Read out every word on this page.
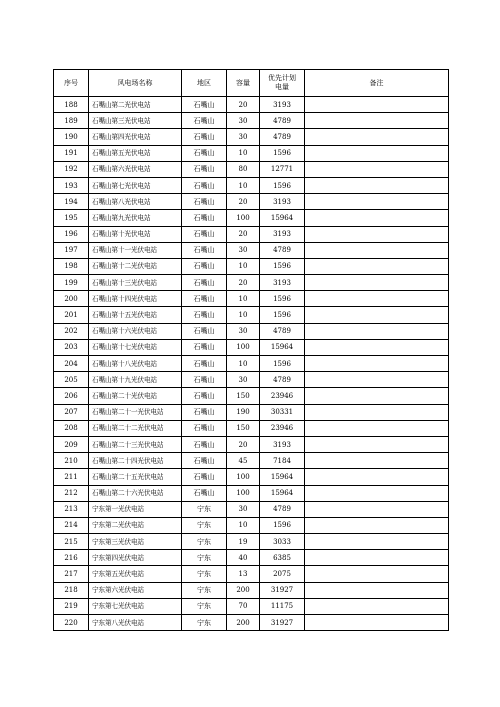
序号	风电场名称	地区	容量	优先计划
电量	备注
188	石嘴山第二光伏电站	石嘴山	20	3193	
189	石嘴山第三光伏电站	石嘴山	30	4789	
190	石嘴山第四光伏电站	石嘴山	30	4789	
191	石嘴山第五光伏电站	石嘴山	10	1596	
192	石嘴山第六光伏电站	石嘴山	80	12771	
193	石嘴山第七光伏电站	石嘴山	10	1596	
194	石嘴山第八光伏电站	石嘴山	20	3193	
195	石嘴山第九光伏电站	石嘴山	100	15964	
196	石嘴山第十光伏电站	石嘴山	20	3193	
197	石嘴山第十一光伏电站	石嘴山	30	4789	
198	石嘴山第十二光伏电站	石嘴山	10	1596	
199	石嘴山第十三光伏电站	石嘴山	20	3193	
200	石嘴山第十四光伏电站	石嘴山	10	1596	
201	石嘴山第十五光伏电站	石嘴山	10	1596	
202	石嘴山第十六光伏电站	石嘴山	30	4789	
203	石嘴山第十七光伏电站	石嘴山	100	15964	
204	石嘴山第十八光伏电站	石嘴山	10	1596	
205	石嘴山第十九光伏电站	石嘴山	30	4789	
206	石嘴山第二十光伏电站	石嘴山	150	23946	
207	石嘴山第二十一光伏电站	石嘴山	190	30331	
208	石嘴山第二十二光伏电站	石嘴山	150	23946	
209	石嘴山第二十三光伏电站	石嘴山	20	3193	
210	石嘴山第二十四光伏电站	石嘴山	45	7184	
211	石嘴山第二十五光伏电站	石嘴山	100	15964	
212	石嘴山第二十六光伏电站	石嘴山	100	15964	
213	宁东第一光伏电站	宁东	30	4789	
214	宁东第二光伏电站	宁东	10	1596	
215	宁东第三光伏电站	宁东	19	3033	
216	宁东第四光伏电站	宁东	40	6385	
217	宁东第五光伏电站	宁东	13	2075	
218	宁东第六光伏电站	宁东	200	31927	
219	宁东第七光伏电站	宁东	70	11175	
220	宁东第八光伏电站	宁东	200	31927	
